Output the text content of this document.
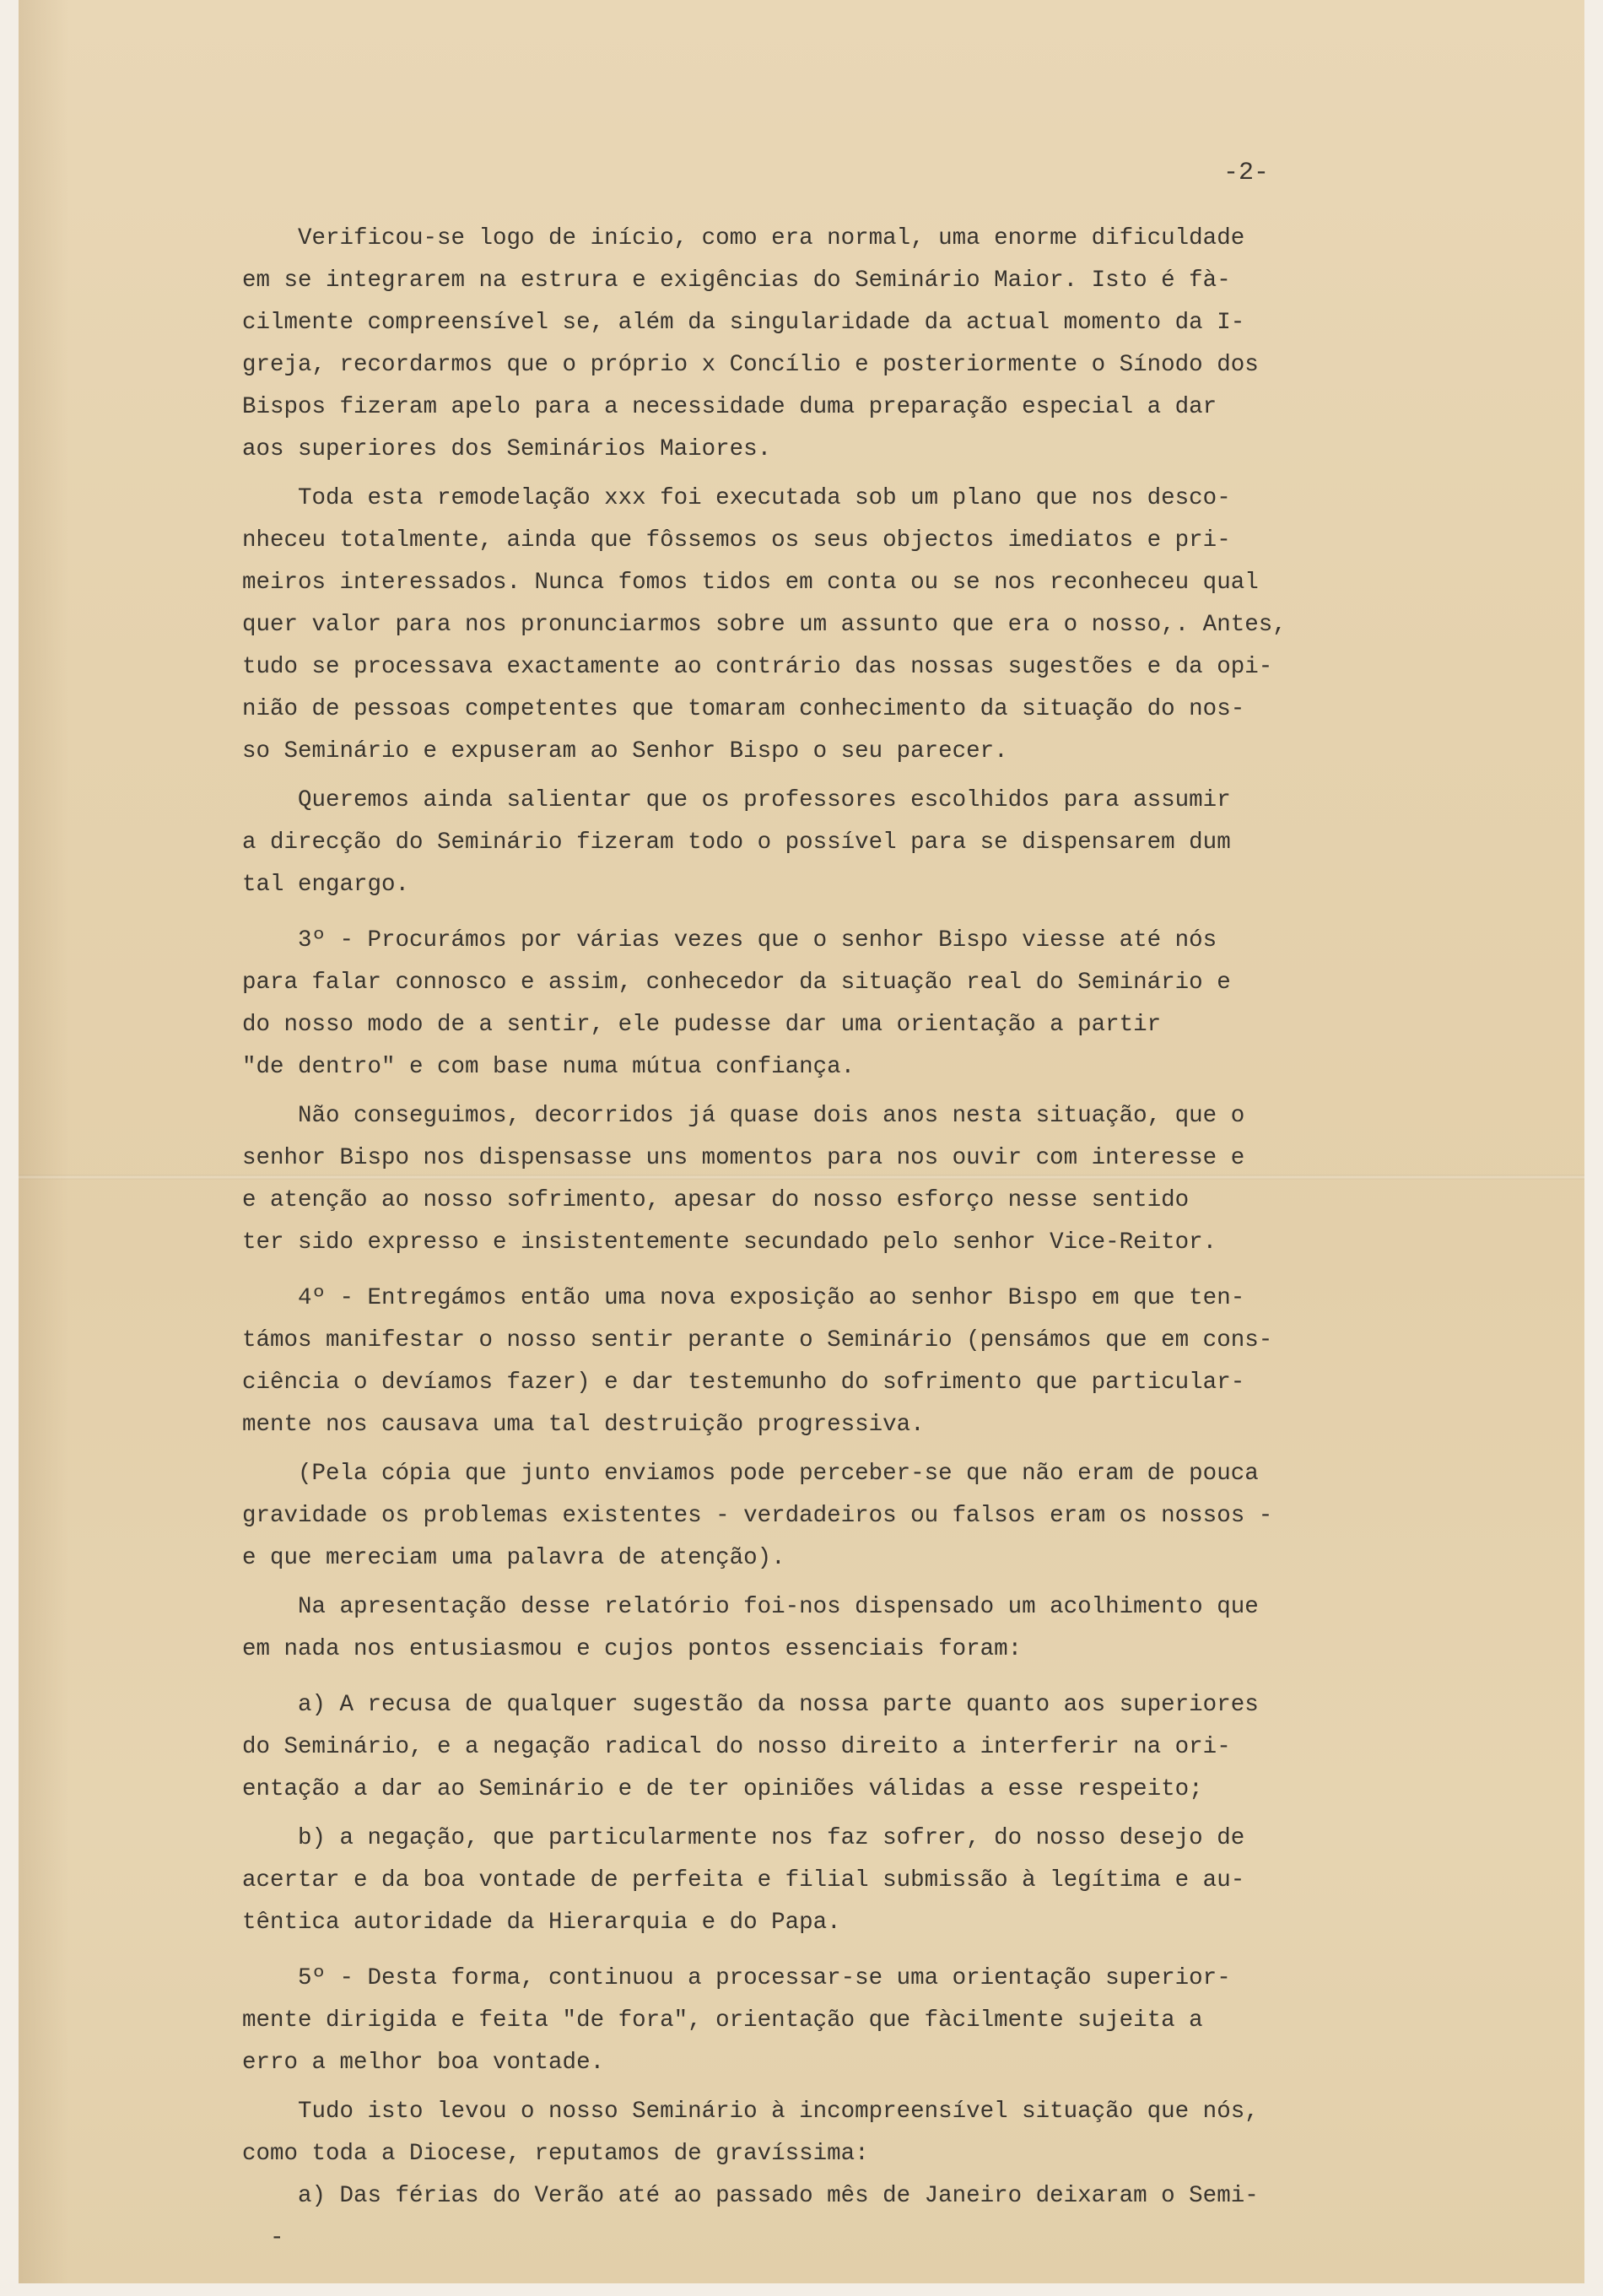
-2-

Verificou-se logo de início, como era normal, uma enorme dificuldade
em se integrarem na estrura e exigências do Seminário Maior. Isto é fà-
cilmente compreensível se, além da singularidade da actual momento da I-
greja, recordarmos que o próprio x Concílio e posteriormente o Sínodo dos
Bispos fizeram apelo para a necessidade duma preparação especial a dar
aos superiores dos Seminários Maiores.
Toda esta remodelação xxx foi executada sob um plano que nos desco-
nheceu totalmente, ainda que fôssemos os seus objectos imediatos e pri-
meiros interessados. Nunca fomos tidos em conta ou se nos reconheceu qual
quer valor para nos pronunciarmos sobre um assunto que era o nosso,. Antes,
tudo se processava exactamente ao contrário das nossas sugestões e da opi-
nião de pessoas competentes que tomaram conhecimento da situação do nos-
so Seminário e expuseram ao Senhor Bispo o seu parecer.
Queremos ainda salientar que os professores escolhidos para assumir
a direcção do Seminário fizeram todo o possível para se dispensarem dum
tal engargo.
3º - Procurámos por várias vezes que o senhor Bispo viesse até nós
para falar connosco e assim, conhecedor da situação real do Seminário e
do nosso modo de a sentir, ele pudesse dar uma orientação a partir
"de dentro" e com base numa mútua confiança.
Não conseguimos, decorridos já quase dois anos nesta situação, que o
senhor Bispo nos dispensasse uns momentos para nos ouvir com interesse e
e atenção ao nosso sofrimento, apesar do nosso esforço nesse sentido
ter sido expresso e insistentemente secundado pelo senhor Vice-Reitor.
4º - Entregámos então uma nova exposição ao senhor Bispo em que ten-
támos manifestar o nosso sentir perante o Seminário (pensámos que em cons-
ciência o devíamos fazer) e dar testemunho do sofrimento que particular-
mente nos causava uma tal destruição progressiva.
(Pela cópia que junto enviamos pode perceber-se que não eram de pouca
gravidade os problemas existentes - verdadeiros ou falsos eram os nossos -
e que mereciam uma palavra de atenção).
Na apresentação desse relatório foi-nos dispensado um acolhimento que
em nada nos entusiasmou e cujos pontos essenciais foram:
a) A recusa de qualquer sugestão da nossa parte quanto aos superiores
do Seminário, e a negação radical do nosso direito a interferir na ori-
entação a dar ao Seminário e de ter opiniões válidas a esse respeito;
b) a negação, que particularmente nos faz sofrer, do nosso desejo de
acertar e da boa vontade de perfeita e filial submissão à legítima e au-
têntica autoridade da Hierarquia e do Papa.
5º - Desta forma, continuou a processar-se uma orientação superior-
mente dirigida e feita "de fora", orientação que fàcilmente sujeita a
erro a melhor boa vontade.
Tudo isto levou o nosso Seminário à incompreensível situação que nós,
como toda a Diocese, reputamos de gravíssima:
a) Das férias do Verão até ao passado mês de Janeiro deixaram o Semi-
-
